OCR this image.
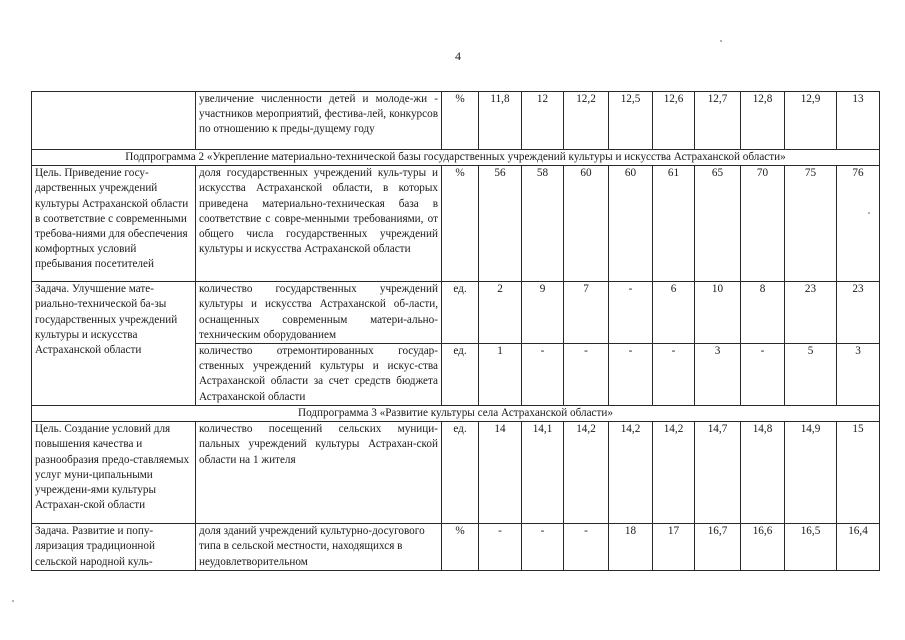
4
	увеличение численности детей и молоде-жи - участников мероприятий, фестива-лей, конкурсов по отношению к преды-дущему году	%	11,8	12	12,2	12,5	12,6	12,7	12,8	12,9	13
Подпрограмма 2 «Укрепление материально-технической базы государственных учреждений культуры и искусства Астраханской области»											
Цель. Приведение госу-дарственных учреждений культуры Астраханской области в соответствие с современными требова-ниями для обеспечения комфортных условий пребывания посетителей	доля государственных учреждений куль-туры и искусства Астраханской области, в которых приведена материально-техническая база в соответствие с совре-менными требованиями, от общего числа государственных учреждений культуры и искусства Астраханской области	%	56	58	60	60	61	65	70	75	76
Задача. Улучшение мате-риально-технической ба-зы государственных учреждений культуры и искусства Астраханской области	количество государственных учреждений культуры и искусства Астраханской об-ласти, оснащенных современным матери-ально-техническим оборудованием	ед.	2	9	7	-	6	10	8	23	23
	количество отремонтированных государ-ственных учреждений культуры и искус-ства Астраханской области за счет средств бюджета Астраханской области	ед.	1	-	-	-	-	3	-	5	3
Подпрограмма 3 «Развитие культуры села Астраханской области»											
Цель. Создание условий для повышения качества и разнообразия предо-ставляемых услуг муни-ципальными учреждени-ями культуры Астрахан-ской области	количество посещений сельских муници-пальных учреждений культуры Астрахан-ской области на 1 жителя	ед.	14	14,1	14,2	14,2	14,2	14,7	14,8	14,9	15
Задача. Развитие и попу-ляризация традиционной сельской народной куль-	доля зданий учреждений культурно-досугового типа в сельской местности, находящихся в неудовлетворительном	%	-	-	-	18	17	16,7	16,6	16,5	16,4
